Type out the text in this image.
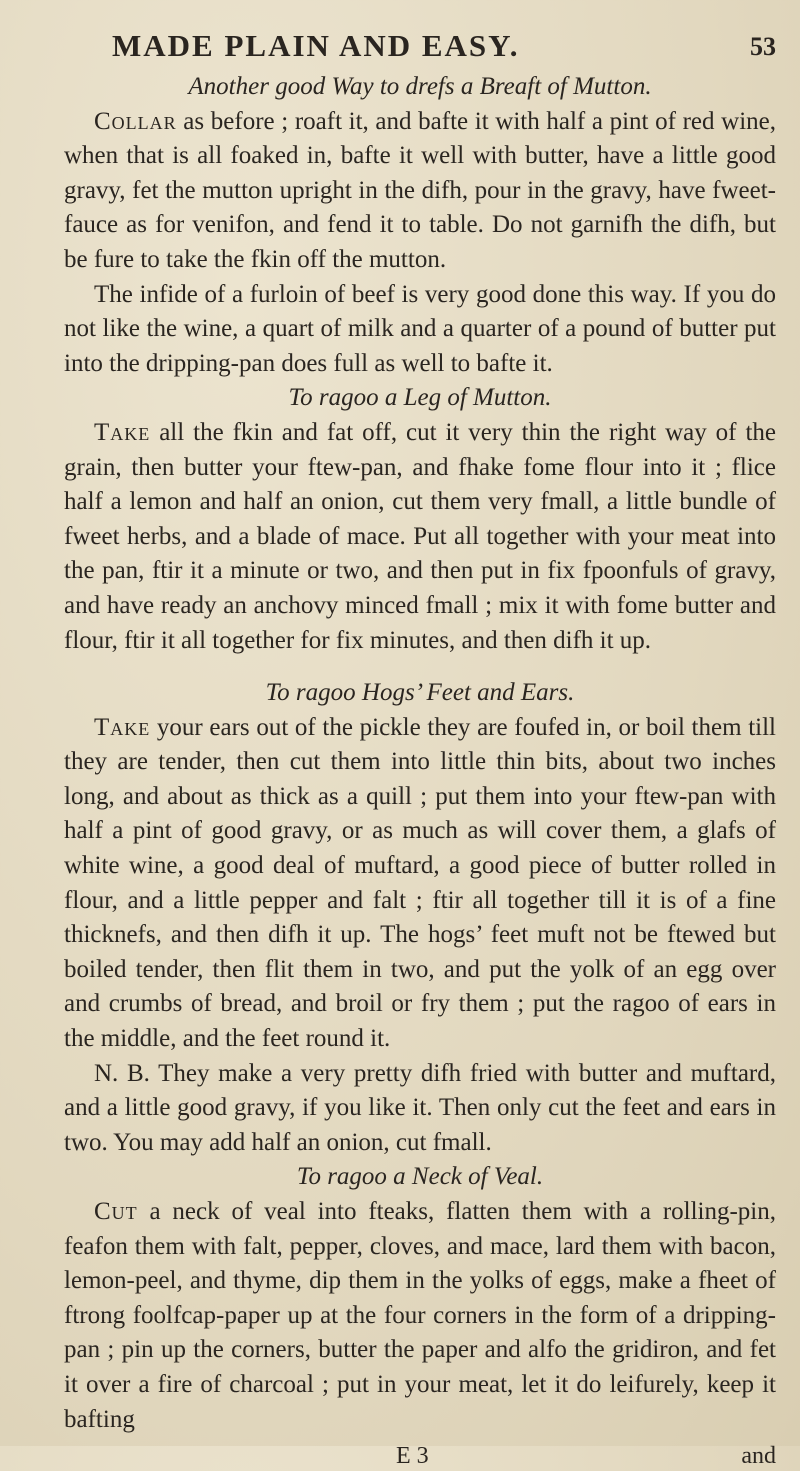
MADE PLAIN AND EASY.	53
Another good Way to drefs a Breaft of Mutton.

Collar as before ; roaft it, and bafte it with half a pint of red wine, when that is all foaked in, bafte it well with butter, have a little good gravy, fet the mutton upright in the difh, pour in the gravy, have fweet-fauce as for venifon, and fend it to table. Do not garnifh the difh, but be fure to take the fkin off the mutton.

The infide of a furloin of beef is very good done this way. If you do not like the wine, a quart of milk and a quarter of a pound of butter put into the dripping-pan does full as well to bafte it.

To ragoo a Leg of Mutton.

Take all the fkin and fat off, cut it very thin the right way of the grain, then butter your ftew-pan, and fhake fome flour into it ; flice half a lemon and half an onion, cut them very fmall, a little bundle of fweet herbs, and a blade of mace. Put all together with your meat into the pan, ftir it a minute or two, and then put in fix fpoonfuls of gravy, and have ready an anchovy minced fmall ; mix it with fome butter and flour, ftir it all together for fix minutes, and then difh it up.

To ragoo Hogs’ Feet and Ears.

Take your ears out of the pickle they are foufed in, or boil them till they are tender, then cut them into little thin bits, about two inches long, and about as thick as a quill ; put them into your ftew-pan with half a pint of good gravy, or as much as will cover them, a glafs of white wine, a good deal of muftard, a good piece of butter rolled in flour, and a little pepper and falt ; ftir all together till it is of a fine thicknefs, and then difh it up. The hogs’ feet muft not be ftewed but boiled tender, then flit them in two, and put the yolk of an egg over and crumbs of bread, and broil or fry them ; put the ragoo of ears in the middle, and the feet round it.

N. B. They make a very pretty difh fried with butter and muftard, and a little good gravy, if you like it. Then only cut the feet and ears in two. You may add half an onion, cut fmall.

To ragoo a Neck of Veal.

Cut a neck of veal into fteaks, flatten them with a rolling-pin, feafon them with falt, pepper, cloves, and mace, lard them with bacon, lemon-peel, and thyme, dip them in the yolks of eggs, make a fheet of ftrong foolfcap-paper up at the four corners in the form of a dripping-pan ; pin up the corners, butter the paper and alfo the gridiron, and fet it over a fire of charcoal ; put in your meat, let it do leifurely, keep it bafting

E 3	and
